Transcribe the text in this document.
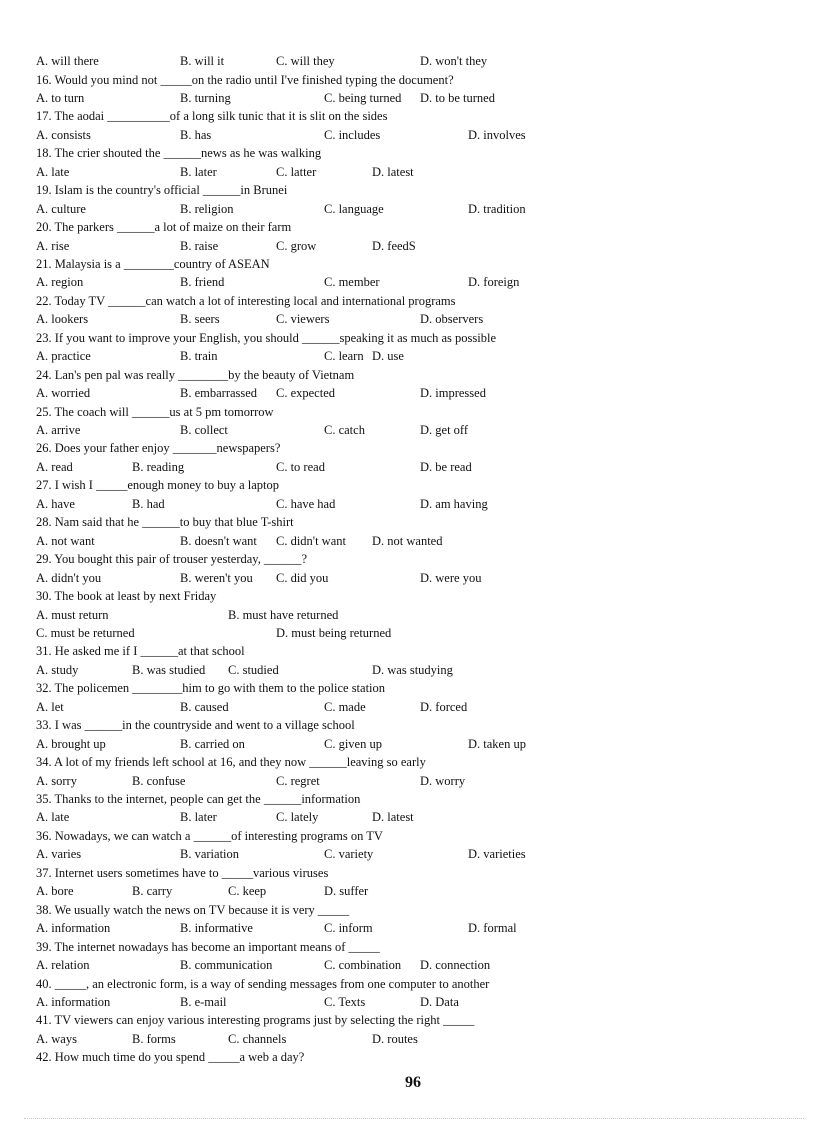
A. will there	B. will it	C. will they	D. won't they
16. Would you mind not _____on the radio until I've finished typing the document?
A. to turn	B. turning	C. being turned D. to be turned
17. The aodai __________of a long silk tunic that it is slit on the sides
A. consists	B. has	C. includes	D. involves
18. The crier shouted the ______news as he was walking
A. late	B. later	C. latter	D. latest
19. Islam is the country's official ______in Brunei
A. culture	B. religion	C. language	D. tradition
20. The parkers ______a lot of maize on their farm
A. rise	B. raise	C. grow	D. feedS
21. Malaysia is a ________country of ASEAN
A. region	B. friend	C. member	D. foreign
22. Today TV ______can watch a lot of interesting local and international programs
A. lookers	B. seers	C. viewers	D. observers
23. If you want to improve your English, you should ______speaking it as much as possible
A. practice	B. train	C. learn D. use
24. Lan's pen pal was really ________by the beauty of Vietnam
A. worried	B. embarrassed C. expected	D. impressed
25. The coach will ______us at 5 pm tomorrow
A. arrive	B. collect	C. catch	D. get off
26. Does your father enjoy _______newspapers?
A. read	B. reading	C. to read	D. be read
27. I wish I _____enough money to buy a laptop
A. have	B. had	C. have had	D. am having
28. Nam said that he ______to buy that blue T-shirt
A. not want	B. doesn't want C. didn't want D. not wanted
29. You bought this pair of trouser yesterday, ______?
A. didn't you	B. weren't you C. did you	D. were you
30. The book at least by next Friday
A. must return	B. must have returned
C. must be returned	D. must being returned
31. He asked me if I ______at that school
A. study	B. was studied C. studied	D. was studying
32. The policemen ________him to go with them to the police station
A. let	B. caused	C. made	D. forced
33. I was ______in the countryside and went to a village school
A. brought up	B. carried on	C. given up	D. taken up
34. A lot of my friends left school at 16, and they now ______leaving so early
A. sorry	B. confuse	C. regret	D. worry
35. Thanks to the internet, people can get the ______information
A. late	B. later	C. lately	D. latest
36. Nowadays, we can watch a ______of interesting programs on TV
A. varies	B. variation	C. variety	D. varieties
37. Internet users sometimes have to _____various viruses
A. bore	B. carry	C. keep	D. suffer
38. We usually watch the news on TV because it is very _____
A. information	B. informative	C. inform	D. formal
39. The internet nowadays has become an important means of _____
A. relation	B. communication	C. combination D. connection
40. _____, an electronic form, is a way of sending messages from one computer to another
A. information	B. e-mail	C. Texts	D. Data
41. TV viewers can enjoy various interesting programs just by selecting the right _____
A. ways	B. forms	C. channels	D. routes
42. How much time do you spend _____a web a day?
96
